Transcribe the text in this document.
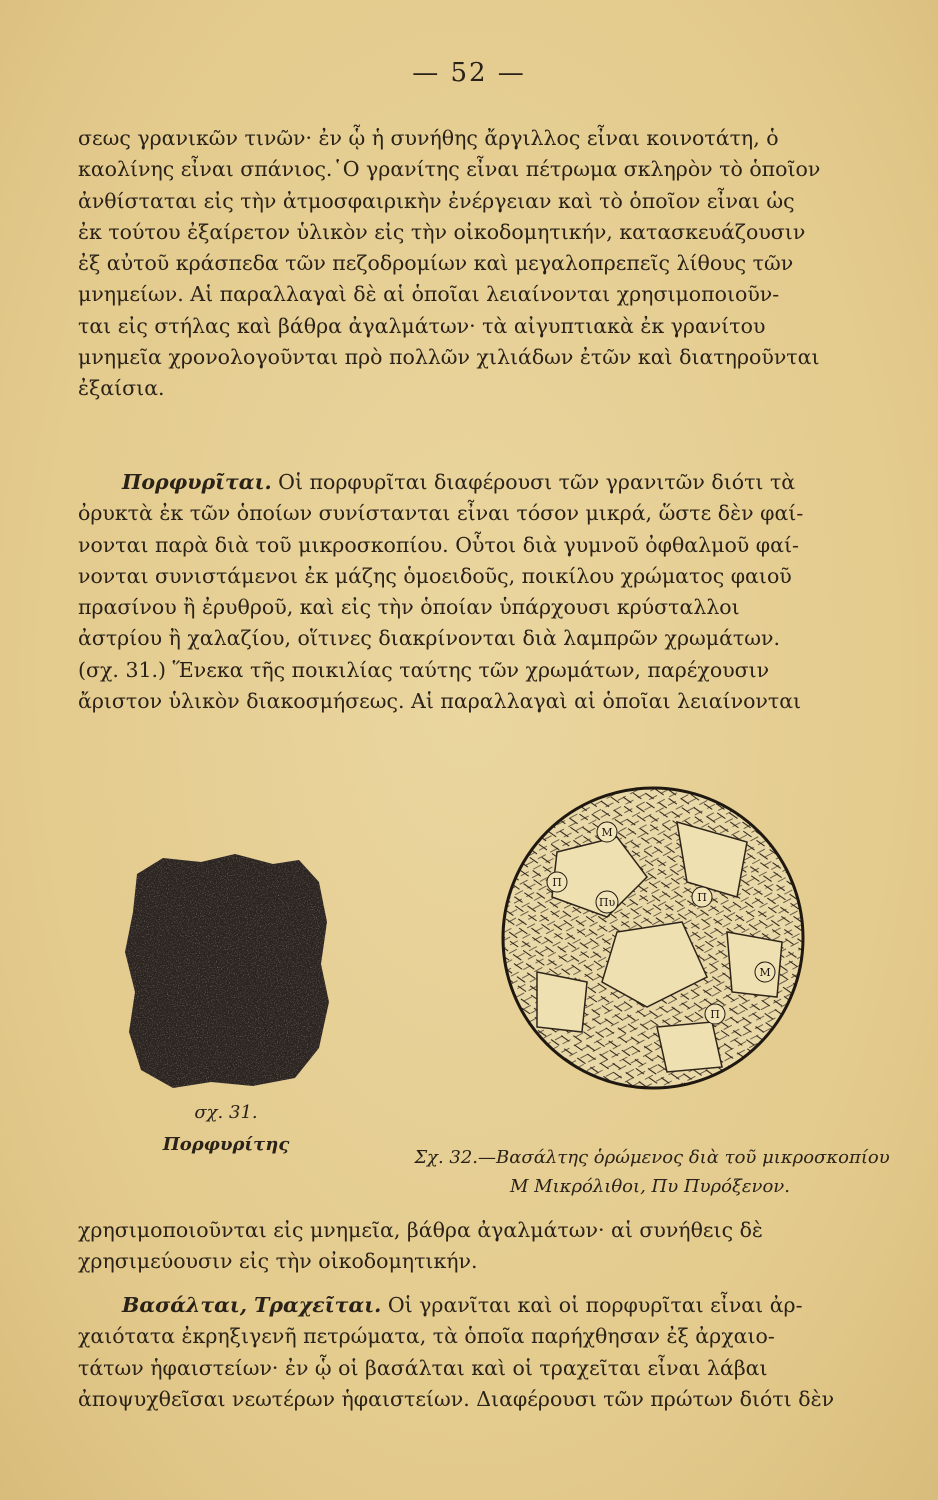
— 52 —
σεως γρανικῶν τινῶν· ἐν ᾧ ἡ συνήθης ἄργιλλος εἶναι κοινοτάτη, ὁ
καολίνης εἶναι σπάνιος.῾Ο γρανίτης εἶναι πέτρωμα σκληρὸν τὸ ὁποῖον
ἀνθίσταται εἰς τὴν ἀτμοσφαιρικὴν ἐνέργειαν καὶ τὸ ὁποῖον εἶναι ὡς
ἐκ τούτου ἐξαίρετον ὑλικὸν εἰς τὴν οἰκοδομητικήν, κατασκευάζουσιν
ἐξ αὐτοῦ κράσπεδα τῶν πεζοδρομίων καὶ μεγαλοπρεπεῖς λίθους τῶν
μνημείων. Αἱ παραλλαγαὶ δὲ αἱ ὁποῖαι λειαίνονται χρησιμοποιοῦν-
ται εἰς στήλας καὶ βάθρα ἀγαλμάτων· τὰ αἰγυπτιακὰ ἐκ γρανίτου
μνημεῖα χρονολογοῦνται πρὸ πολλῶν χιλιάδων ἐτῶν καὶ διατηροῦνται
ἐξαίσια.
Πορφυρῖται. Οἱ πορφυρῖται διαφέρουσι τῶν γρανιτῶν διότι τὰ
ὀρυκτὰ ἐκ τῶν ὁποίων συνίστανται εἶναι τόσον μικρά, ὥστε δὲν φαί-
νονται παρὰ διὰ τοῦ μικροσκοπίου. Οὗτοι διὰ γυμνοῦ ὀφθαλμοῦ φαί-
νονται συνιστάμενοι ἐκ μάζης ὁμοειδοῦς, ποικίλου χρώματος φαιοῦ
πρασίνου ἢ ἐρυθροῦ, καὶ εἰς τὴν ὁποίαν ὑπάρχουσι κρύσταλλοι
ἀστρίου ἢ χαλαζίου, οἵτινες διακρίνονται διὰ λαμπρῶν χρωμάτων.
(σχ. 31.) Ἕνεκα τῆς ποικιλίας ταύτης τῶν χρωμάτων, παρέχουσιν
ἄριστον ὑλικὸν διακοσμήσεως. Αἱ παραλλαγαὶ αἱ ὁποῖαι λειαίνονται
σχ. 31.
Πορφυρίτης
Μ
Π
Πυ	Π
Μ
Π
Σχ. 32.—Βασάλτης ὁρώμενος διὰ τοῦ μικροσκοπίου
Μ Μικρόλιθοι, Πυ Πυρόξενον.
χρησιμοποιοῦνται εἰς μνημεῖα, βάθρα ἀγαλμάτων· αἱ συνήθεις δὲ
χρησιμεύουσιν εἰς τὴν οἰκοδομητικήν.
Βασάλται, Τραχεῖται. Οἱ γρανῖται καὶ οἱ πορφυρῖται εἶναι ἀρ-
χαιότατα ἐκρηξιγενῆ πετρώματα, τὰ ὁποῖα παρήχθησαν ἐξ ἀρχαιο-
τάτων ἡφαιστείων· ἐν ᾧ οἱ βασάλται καὶ οἱ τραχεῖται εἶναι λάβαι
ἀποψυχθεῖσαι νεωτέρων ἡφαιστείων. Διαφέρουσι τῶν πρώτων διότι δὲν
